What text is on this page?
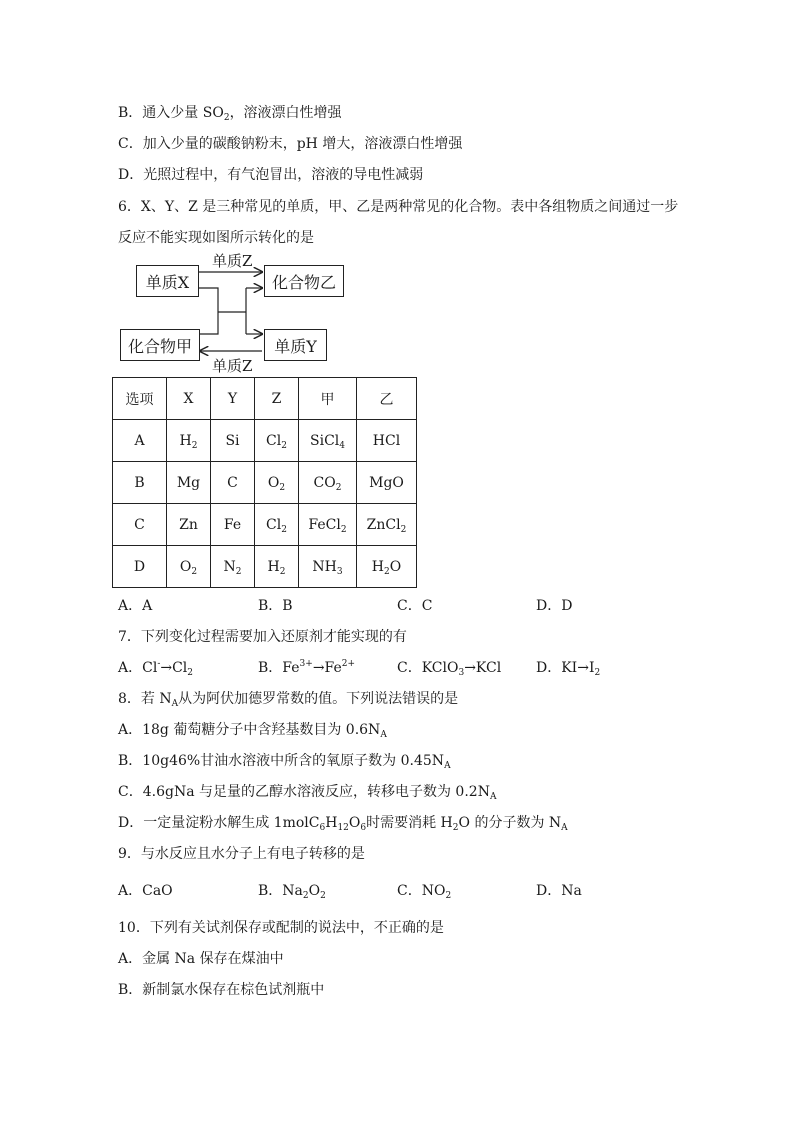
B．通入少量 $SO_2$，溶液漂白性增强
C．加入少量的碳酸钠粉末，pH 增大，溶液漂白性增强
D．光照过程中，有气泡冒出，溶液的导电性减弱
6．X、Y、Z 是三种常见的单质，甲、乙是两种常见的化合物。表中各组物质之间通过一步
反应不能实现如图所示转化的是
单质Z
单质Z
单质X	化合物乙
化合物甲	单质Y
选项	X	Y	Z	甲	乙
A	$H_2$	Si	$Cl_2$	SiCl$_4$	HCl
B	Mg	C	$O_2$	$CO_2$	MgO
C	Zn	Fe	$Cl_2$	FeCl$_2$	ZnCl$_2$
D	$O_2$	$N_2$	$H_2$	$NH_3$	$H_2O$
A．A	B．B	C．C	D．D
7．下列变化过程需要加入还原剂才能实现的有
A．$Cl^-\to Cl_2$	B．$Fe^{3+}\to Fe^{2+}$	C．KClO$_3$→KCl D．$KI\to I_2$
8．若 $N_A$从为阿伏加德罗常数的值。下列说法错误的是
A．18g 葡萄糖分子中含羟基数目为 $0.6N_A$
B．10g46%甘油水溶液中所含的氧原子数为 $0.45N_A$
C．4.6gNa 与足量的乙醇水溶液反应，转移电子数为 $0.2N_A$
D．一定量淀粉水解生成 $1molC_6H_{12}O_6$时需要消耗 $H_2O$ 的分子数为 $N_A$
9．与水反应且水分子上有电子转移的是
A．CaO	B．$Na_2O_2$	C．$NO_2$	D．Na
10．下列有关试剂保存或配制的说法中，不正确的是
A．金属 Na 保存在煤油中
B．新制氯水保存在棕色试剂瓶中
